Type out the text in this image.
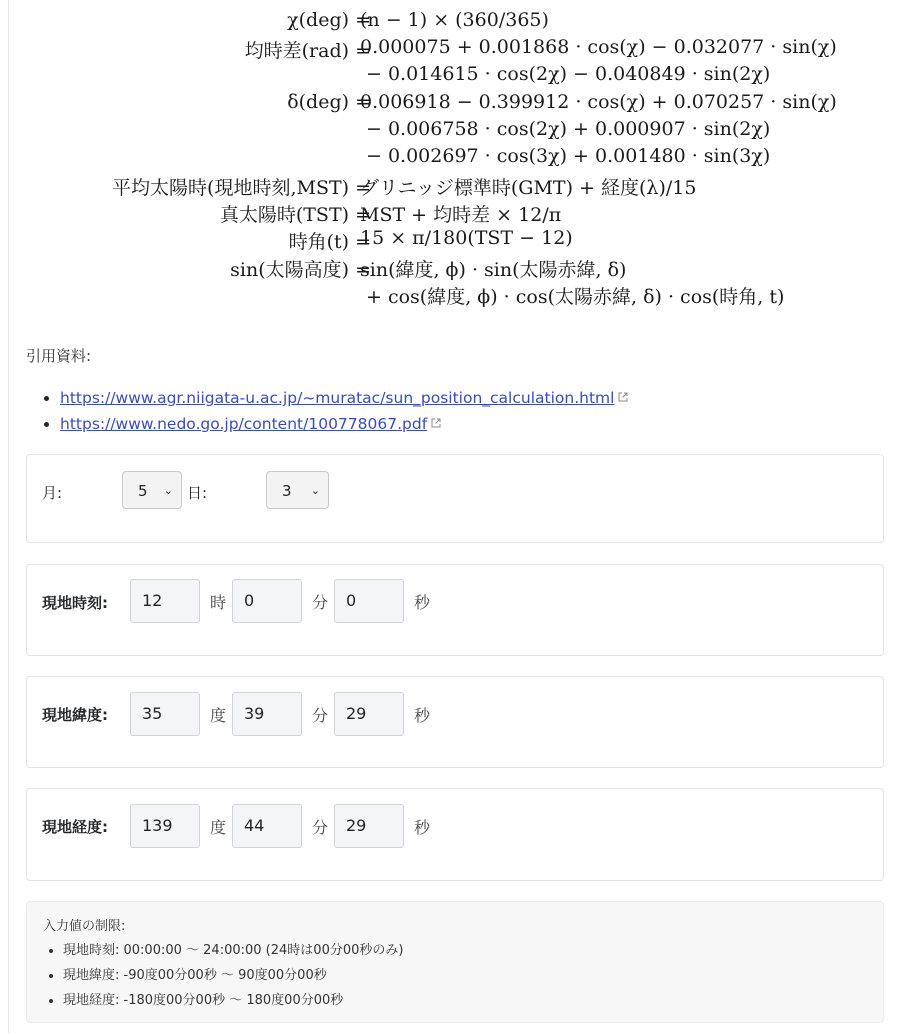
χ(deg) =
(n − 1) × (360/365)
均時差(rad) =
0.000075 + 0.001868 · cos(χ) − 0.032077 · sin(χ)
− 0.014615 · cos(2χ) − 0.040849 · sin(2χ)
δ(deg) =
0.006918 − 0.399912 · cos(χ) + 0.070257 · sin(χ)
− 0.006758 · cos(2χ) + 0.000907 · sin(2χ)
− 0.002697 · cos(3χ) + 0.001480 · sin(3χ)
平均太陽時(現地時刻,MST) =
グリニッジ標準時(GMT) + 経度(λ)/15
真太陽時(TST) =
MST + 均時差 × 12/π
時角(t) =
15 × π/180(TST − 12)
sin(太陽高度) =
sin(緯度, ϕ) · sin(太陽赤緯, δ)
+ cos(緯度, ϕ) · cos(太陽赤緯, δ) · cos(時角, t)
引用資料:
• https://www.agr.niigata-u.ac.jp/~muratac/sun_position_calculation.html
• https://www.nedo.go.jp/content/100778067.pdf
月:	5 ⌄ 日:	3 ⌄
現地時刻:	12	時	0	分	0	秒
現地緯度:	35	度	39	分	29	秒
現地経度:	139	度	44	分	29	秒
入力値の制限:
• 現地時刻: 00:00:00 〜 24:00:00 (24時は00分00秒のみ)
• 現地緯度: -90度00分00秒 〜 90度00分00秒
• 現地経度: -180度00分00秒 〜 180度00分00秒
